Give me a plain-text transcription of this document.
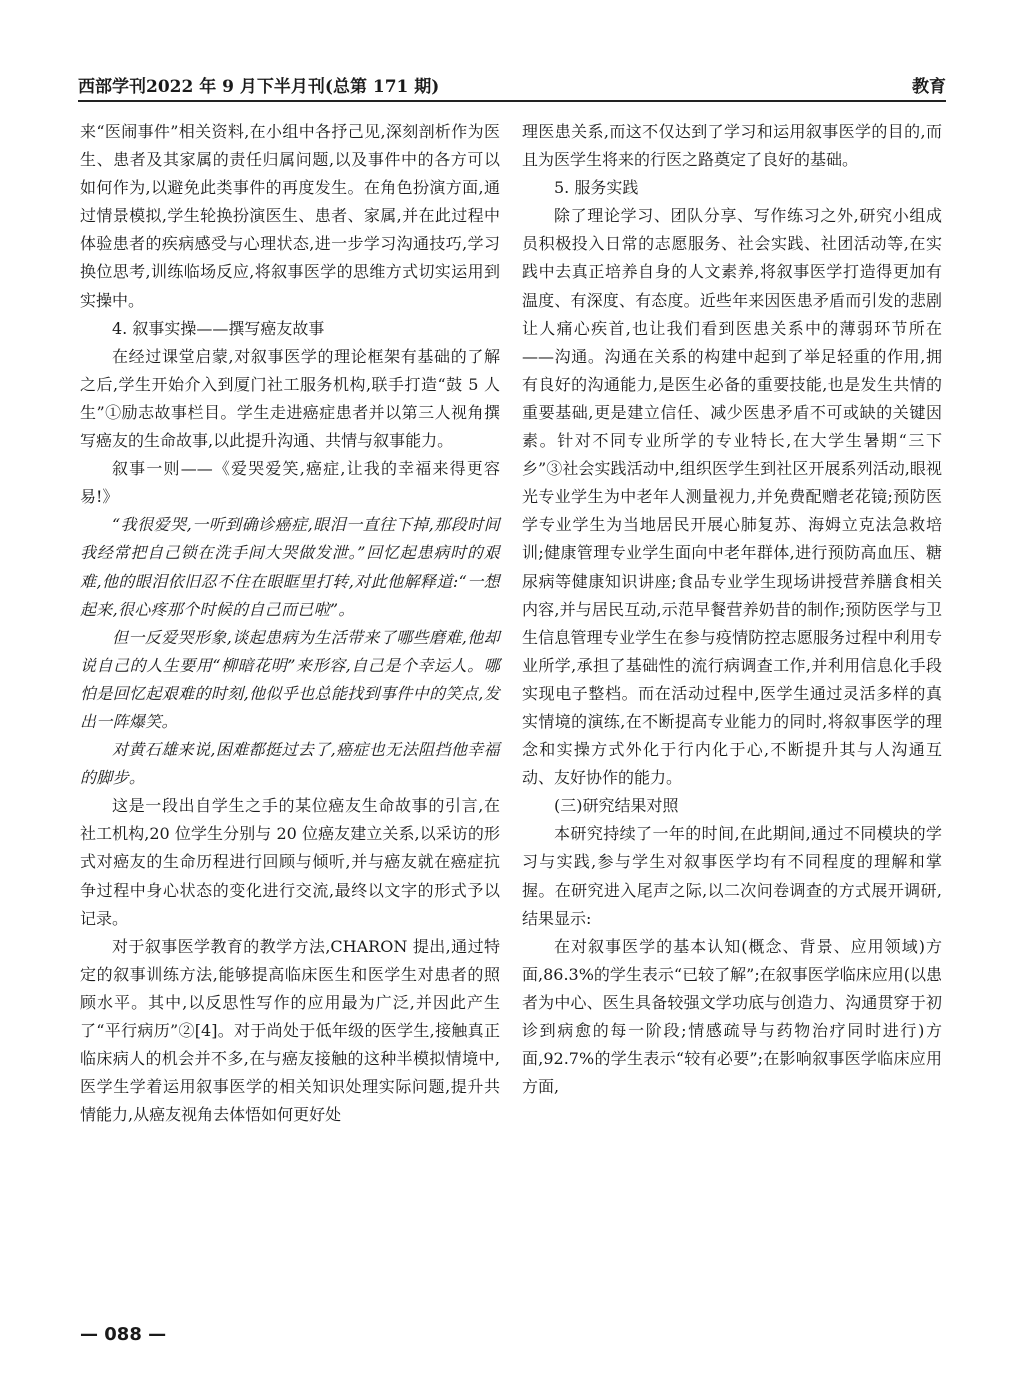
西部学刊2022 年 9 月下半月刊(总第 171 期)	教育

来“医闹事件”相关资料,在小组中各抒己见,深刻剖析作为医生、患者及其家属的责任归属问题,以及事件中的各方可以如何作为,以避免此类事件的再度发生。在角色扮演方面,通过情景模拟,学生轮换扮演医生、患者、家属,并在此过程中体验患者的疾病感受与心理状态,进一步学习沟通技巧,学习换位思考,训练临场反应,将叙事医学的思维方式切实运用到实操中。

4. 叙事实操——撰写癌友故事

在经过课堂启蒙,对叙事医学的理论框架有基础的了解之后,学生开始介入到厦门社工服务机构,联手打造“鼓 5 人生”①励志故事栏目。学生走进癌症患者并以第三人视角撰写癌友的生命故事,以此提升沟通、共情与叙事能力。

叙事一则——《爱哭爱笑,癌症,让我的幸福来得更容易!》

“我很爱哭,一听到确诊癌症,眼泪一直往下掉,那段时间我经常把自己锁在洗手间大哭做发泄。”回忆起患病时的艰难,他的眼泪依旧忍不住在眼眶里打转,对此他解释道:“一想起来,很心疼那个时候的自己而已啦”。

但一反爱哭形象,谈起患病为生活带来了哪些磨难,他却说自己的人生要用“柳暗花明”来形容,自己是个幸运人。哪怕是回忆起艰难的时刻,他似乎也总能找到事件中的笑点,发出一阵爆笑。

对黄石雄来说,困难都挺过去了,癌症也无法阻挡他幸福的脚步。

这是一段出自学生之手的某位癌友生命故事的引言,在社工机构,20 位学生分别与 20 位癌友建立关系,以采访的形式对癌友的生命历程进行回顾与倾听,并与癌友就在癌症抗争过程中身心状态的变化进行交流,最终以文字的形式予以记录。

对于叙事医学教育的教学方法,CHARON 提出,通过特定的叙事训练方法,能够提高临床医生和医学生对患者的照顾水平。其中,以反思性写作的应用最为广泛,并因此产生了“平行病历”②[4]。对于尚处于低年级的医学生,接触真正临床病人的机会并不多,在与癌友接触的这种半模拟情境中,医学生学着运用叙事医学的相关知识处理实际问题,提升共情能力,从癌友视角去体悟如何更好处

理医患关系,而这不仅达到了学习和运用叙事医学的目的,而且为医学生将来的行医之路奠定了良好的基础。

5. 服务实践

除了理论学习、团队分享、写作练习之外,研究小组成员积极投入日常的志愿服务、社会实践、社团活动等,在实践中去真正培养自身的人文素养,将叙事医学打造得更加有温度、有深度、有态度。近些年来因医患矛盾而引发的悲剧让人痛心疾首,也让我们看到医患关系中的薄弱环节所在——沟通。沟通在关系的构建中起到了举足轻重的作用,拥有良好的沟通能力,是医生必备的重要技能,也是发生共情的重要基础,更是建立信任、减少医患矛盾不可或缺的关键因素。针对不同专业所学的专业特长,在大学生暑期“三下乡”③社会实践活动中,组织医学生到社区开展系列活动,眼视光专业学生为中老年人测量视力,并免费配赠老花镜;预防医学专业学生为当地居民开展心肺复苏、海姆立克法急救培训;健康管理专业学生面向中老年群体,进行预防高血压、糖尿病等健康知识讲座;食品专业学生现场讲授营养膳食相关内容,并与居民互动,示范早餐营养奶昔的制作;预防医学与卫生信息管理专业学生在参与疫情防控志愿服务过程中利用专业所学,承担了基础性的流行病调查工作,并利用信息化手段实现电子整档。而在活动过程中,医学生通过灵活多样的真实情境的演练,在不断提高专业能力的同时,将叙事医学的理念和实操方式外化于行内化于心,不断提升其与人沟通互动、友好协作的能力。

(三)研究结果对照

本研究持续了一年的时间,在此期间,通过不同模块的学习与实践,参与学生对叙事医学均有不同程度的理解和掌握。在研究进入尾声之际,以二次问卷调查的方式展开调研,结果显示:

在对叙事医学的基本认知(概念、背景、应用领域)方面,86.3%的学生表示“已较了解”;在叙事医学临床应用(以患者为中心、医生具备较强文学功底与创造力、沟通贯穿于初诊到病愈的每一阶段;情感疏导与药物治疗同时进行)方面,92.7%的学生表示“较有必要”;在影响叙事医学临床应用方面,

— 088 —
